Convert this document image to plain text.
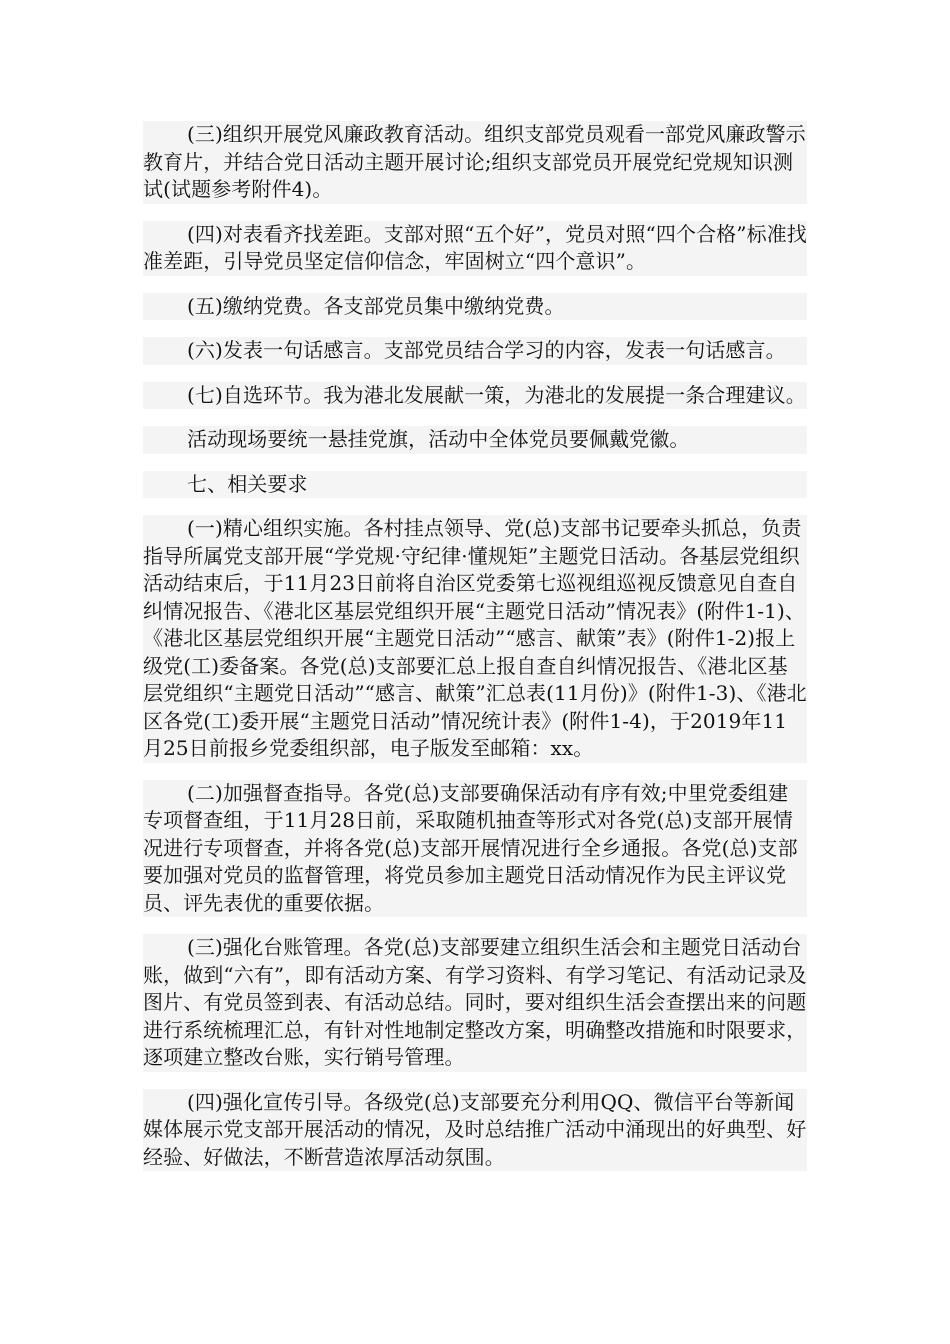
(三)组织开展党风廉政教育活动。组织支部党员观看一部党风廉政警示教育片，并结合党日活动主题开展讨论;组织支部党员开展党纪党规知识测试(试题参考附件4)。

(四)对表看齐找差距。支部对照“五个好”，党员对照“四个合格”标准找准差距，引导党员坚定信仰信念，牢固树立“四个意识”。

(五)缴纳党费。各支部党员集中缴纳党费。

(六)发表一句话感言。支部党员结合学习的内容，发表一句话感言。

(七)自选环节。我为港北发展献一策，为港北的发展提一条合理建议。

活动现场要统一悬挂党旗，活动中全体党员要佩戴党徽。

七、相关要求

(一)精心组织实施。各村挂点领导、党(总)支部书记要牵头抓总，负责指导所属党支部开展“学党规·守纪律·懂规矩”主题党日活动。各基层党组织活动结束后，于11月23日前将自治区党委第七巡视组巡视反馈意见自查自纠情况报告、《港北区基层党组织开展“主题党日活动”情况表》(附件1-1)、《港北区基层党组织开展“主题党日活动”“感言、献策”表》(附件1-2)报上级党(工)委备案。各党(总)支部要汇总上报自查自纠情况报告、《港北区基层党组织“主题党日活动”“感言、献策”汇总表(11月份)》(附件1-3)、《港北区各党(工)委开展“主题党日活动”情况统计表》(附件1-4)，于2019年11月25日前报乡党委组织部，电子版发至邮箱：xx。

(二)加强督查指导。各党(总)支部要确保活动有序有效;中里党委组建专项督查组，于11月28日前，采取随机抽查等形式对各党(总)支部开展情况进行专项督查，并将各党(总)支部开展情况进行全乡通报。各党(总)支部要加强对党员的监督管理，将党员参加主题党日活动情况作为民主评议党员、评先表优的重要依据。

(三)强化台账管理。各党(总)支部要建立组织生活会和主题党日活动台账，做到“六有”，即有活动方案、有学习资料、有学习笔记、有活动记录及图片、有党员签到表、有活动总结。同时，要对组织生活会查摆出来的问题进行系统梳理汇总，有针对性地制定整改方案，明确整改措施和时限要求，逐项建立整改台账，实行销号管理。

(四)强化宣传引导。各级党(总)支部要充分利用QQ、微信平台等新闻媒体展示党支部开展活动的情况，及时总结推广活动中涌现出的好典型、好经验、好做法，不断营造浓厚活动氛围。
